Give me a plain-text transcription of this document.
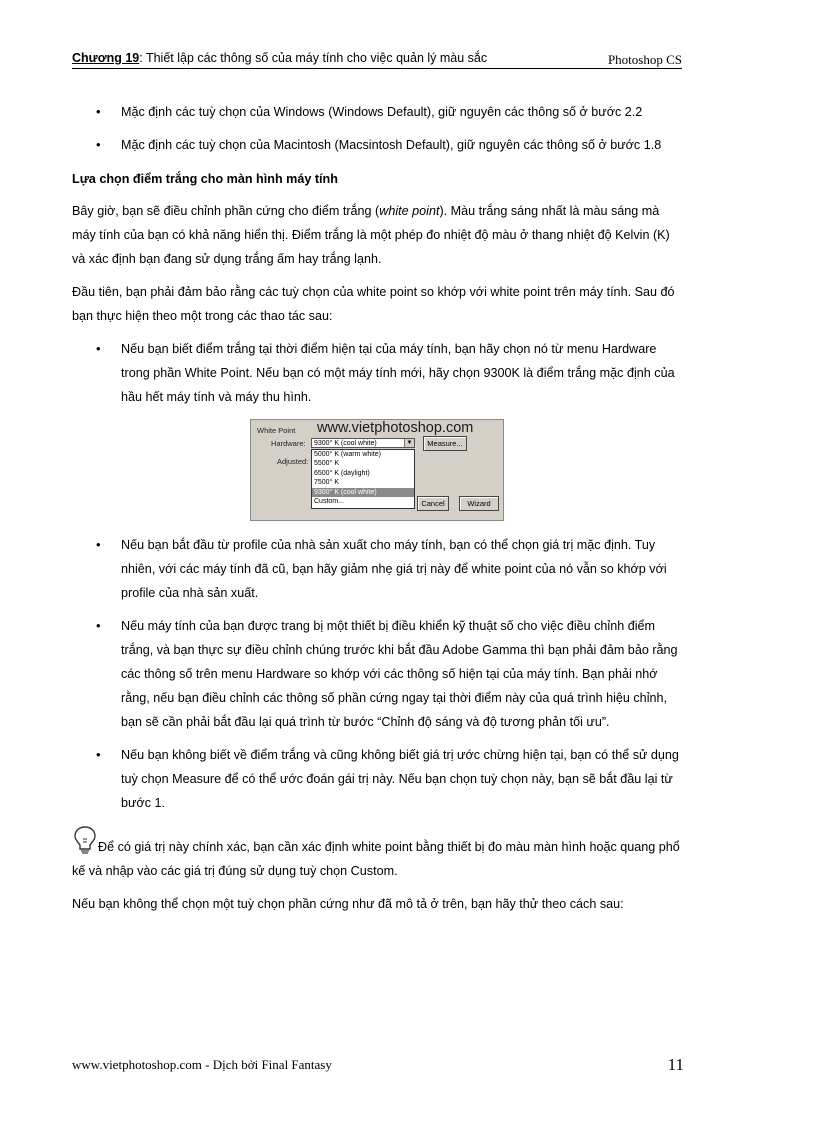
Chương 19: Thiết lập các thông số của máy tính cho việc quản lý màu sắc	Photoshop CS
• Mặc định các tuỳ chọn của Windows (Windows Default), giữ nguyên các thông số ở bước 2.2
• Mặc định các tuỳ chọn của Macintosh (Macsintosh Default), giữ nguyên các thông số ở bước 1.8
Lựa chọn điểm trắng cho màn hình máy tính

Bây giờ, bạn sẽ điều chỉnh phần cứng cho điểm trắng (white point). Màu trắng sáng nhất là màu sáng mà máy tính của bạn có khả năng hiển thị. Điểm trắng là một phép đo nhiệt độ màu ở thang nhiệt độ Kelvin (K) và xác định bạn đang sử dụng trắng ấm hay trắng lạnh.

Đầu tiên, bạn phải đảm bảo rằng các tuỳ chọn của white point so khớp với white point trên máy tính. Sau đó bạn thực hiện theo một trong các thao tác sau:

• Nếu bạn biết điểm trắng tại thời điểm hiện tại của máy tính, bạn hãy chọn nó từ menu Hardware trong phần White Point. Nếu bạn có một máy tính mới, hãy chọn 9300K là điểm trắng mặc định của hầu hết máy tính và máy thu hình.
www.vietphotoshop.com
White Point
Hardware:	9300° K (cool white)	▼	Measure...
Adjusted:
5000° K (warm white)
5500° K
6500° K (daylight)
7500° K
9300° K (cool white)
Custom...	Cancel	Wizard
• Nếu bạn bắt đầu từ profile của nhà sản xuất cho máy tính, bạn có thể chọn giá trị mặc định. Tuy nhiên, với các máy tính đã cũ, bạn hãy giảm nhẹ giá trị này để white point của nó vẫn so khớp với profile của nhà sản xuất.
• Nếu máy tính của bạn được trang bị một thiết bị điều khiển kỹ thuật số cho việc điều chỉnh điểm trắng, và bạn thực sự điều chỉnh chúng trước khi bắt đầu Adobe Gamma thì bạn phải đảm bảo rằng các thông số trên menu Hardware so khớp với các thông số hiện tại của máy tính. Bạn phải nhớ rằng, nếu bạn điều chỉnh các thông số phần cứng ngay tại thời điểm này của quá trình hiệu chỉnh, bạn sẽ cần phải bắt đầu lại quá trình từ bước “Chỉnh độ sáng và độ tương phản tối ưu”.
• Nếu bạn không biết về điểm trắng và cũng không biết giá trị ước chừng hiện tại, bạn có thể sử dụng tuỳ chọn Measure để có thể ước đoán gái trị này. Nếu bạn chọn tuỳ chọn này, bạn sẽ bắt đầu lại từ bước 1.

Để có giá trị này chính xác, bạn cần xác định white point bằng thiết bị đo màu màn hình hoặc quang phổ kế và nhập vào các giá trị đúng sử dụng tuỳ chọn Custom.

Nếu bạn không thể chọn một tuỳ chọn phần cứng như đã mô tả ở trên, bạn hãy thử theo cách sau:

www.vietphotoshop.com - Dịch bởi Final Fantasy	11
